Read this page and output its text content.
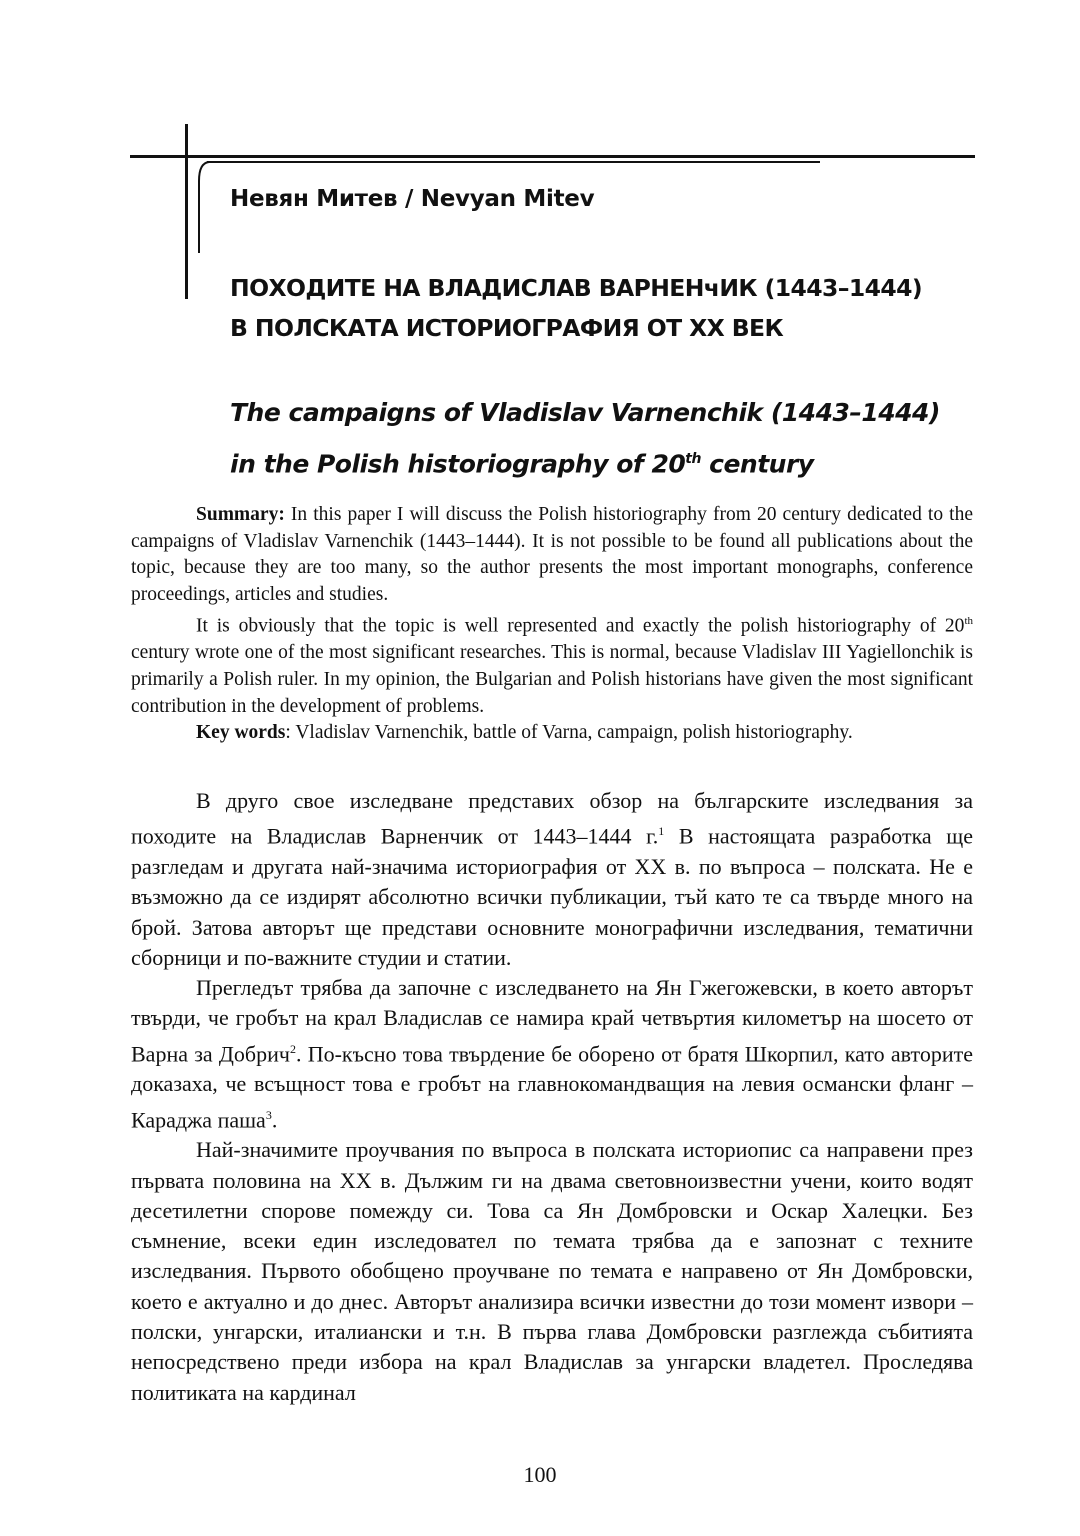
Невян Митев / Nevyan Mitev
ПОХОДИТЕ НА ВЛАДИСЛАВ ВАРНЕНчИК (1443–1444)
В ПОЛСКАТА ИСТОРИОГРАФИЯ ОТ XX ВЕК
The campaigns of Vladislav Varnenchik (1443–1444)
in the Polish historiography of 20th century

Summary: In this paper I will discuss the Polish historiography from 20 century dedicated to the campaigns of Vladislav Varnenchik (1443–1444). It is not possible to be found all publications about the topic, because they are too many, so the author presents the most important monographs, conference proceedings, articles and studies.

It is obviously that the topic is well represented and exactly the polish historiography of 20th century wrote one of the most significant researches. This is normal, because Vladislav III Yagiellonchik is primarily a Polish ruler. In my opinion, the Bulgarian and Polish historians have given the most significant contribution in the development of problems.

Key words: Vladislav Varnenchik, battle of Varna, campaign, polish historiography.

В друго свое изследване представих обзор на българските изследвания за походите на Владислав Варненчик от 1443–1444 г.$^1$ В настоящата разработка ще разгледам и другата най-значима историография от XX в. по въпроса – полската. Не е възможно да се издирят абсолютно всички публикации, тъй като те са твърде много на брой. Затова авторът ще представи основните монографични изследвания, тематични сборници и по-важните студии и статии.

Прегледът трябва да започне с изследването на Ян Гжегожевски, в което авторът твърди, че гробът на крал Владислав се намира край четвъртия километър на шосето от Варна за Добрич$^2$. По-късно това твърдение бе оборено от братя Шкорпил, като авторите доказаха, че всъщност това е гробът на главнокомандващия на левия османски фланг – Караджа паша$^3$.

Най-значимите проучвания по въпроса в полската историопис са направени през първата половина на XX в. Дължим ги на двама световноизвестни учени, които водят десетилетни спорове помежду си. Това са Ян Домбровски и Оскар Халецки. Без съмнение, всеки един изследовател по темата трябва да е запознат с техните изследвания. Първото обобщено проучване по темата е направено от Ян Домбровски, което е актуално и до днес. Авторът анализира всички известни до този момент извори – полски, унгарски, италиански и т.н. В първа глава Домбровски разглежда събитията непосредствено преди избора на крал Владислав за унгарски владетел. Проследява политиката на кардинал

100
